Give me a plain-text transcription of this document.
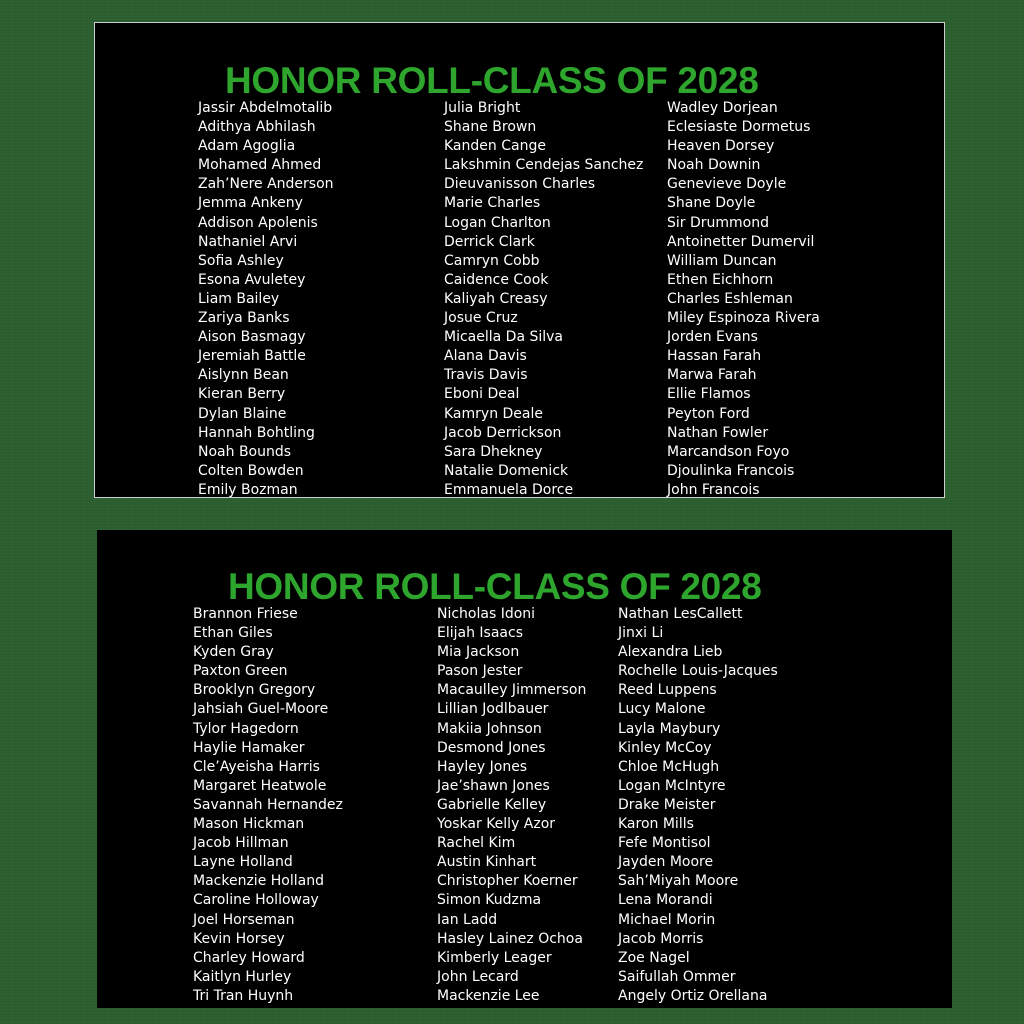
HONOR ROLL-CLASS OF 2028
Jassir Abdelmotalib
Adithya Abhilash
Adam Agoglia
Mohamed Ahmed
Zah’Nere Anderson
Jemma Ankeny
Addison Apolenis
Nathaniel Arvi
Sofia Ashley
Esona Avuletey
Liam Bailey
Zariya Banks
Aison Basmagy
Jeremiah Battle
Aislynn Bean
Kieran Berry
Dylan Blaine
Hannah Bohtling
Noah Bounds
Colten Bowden
Emily Bozman
Julia Bright
Shane Brown
Kanden Cange
Lakshmin Cendejas Sanchez
Dieuvanisson Charles
Marie Charles
Logan Charlton
Derrick Clark
Camryn Cobb
Caidence Cook
Kaliyah Creasy
Josue Cruz
Micaella Da Silva
Alana Davis
Travis Davis
Eboni Deal
Kamryn Deale
Jacob Derrickson
Sara Dhekney
Natalie Domenick
Emmanuela Dorce
Wadley Dorjean
Eclesiaste Dormetus
Heaven Dorsey
Noah Downin
Genevieve Doyle
Shane Doyle
Sir Drummond
Antoinetter Dumervil
William Duncan
Ethen Eichhorn
Charles Eshleman
Miley Espinoza Rivera
Jorden Evans
Hassan Farah
Marwa Farah
Ellie Flamos
Peyton Ford
Nathan Fowler
Marcandson Foyo
Djoulinka Francois
John Francois
HONOR ROLL-CLASS OF 2028
Brannon Friese
Ethan Giles
Kyden Gray
Paxton Green
Brooklyn Gregory
Jahsiah Guel-Moore
Tylor Hagedorn
Haylie Hamaker
Cle’Ayeisha Harris
Margaret Heatwole
Savannah Hernandez
Mason Hickman
Jacob Hillman
Layne Holland
Mackenzie Holland
Caroline Holloway
Joel Horseman
Kevin Horsey
Charley Howard
Kaitlyn Hurley
Tri Tran Huynh
Nicholas Idoni
Elijah Isaacs
Mia Jackson
Pason Jester
Macaulley Jimmerson
Lillian Jodlbauer
Makiia Johnson
Desmond Jones
Hayley Jones
Jae’shawn Jones
Gabrielle Kelley
Yoskar Kelly Azor
Rachel Kim
Austin Kinhart
Christopher Koerner
Simon Kudzma
Ian Ladd
Hasley Lainez Ochoa
Kimberly Leager
John Lecard
Mackenzie Lee
Nathan LesCallett
Jinxi Li
Alexandra Lieb
Rochelle Louis-Jacques
Reed Luppens
Lucy Malone
Layla Maybury
Kinley McCoy
Chloe McHugh
Logan McIntyre
Drake Meister
Karon Mills
Fefe Montisol
Jayden Moore
Sah’Miyah Moore
Lena Morandi
Michael Morin
Jacob Morris
Zoe Nagel
Saifullah Ommer
Angely Ortiz Orellana
